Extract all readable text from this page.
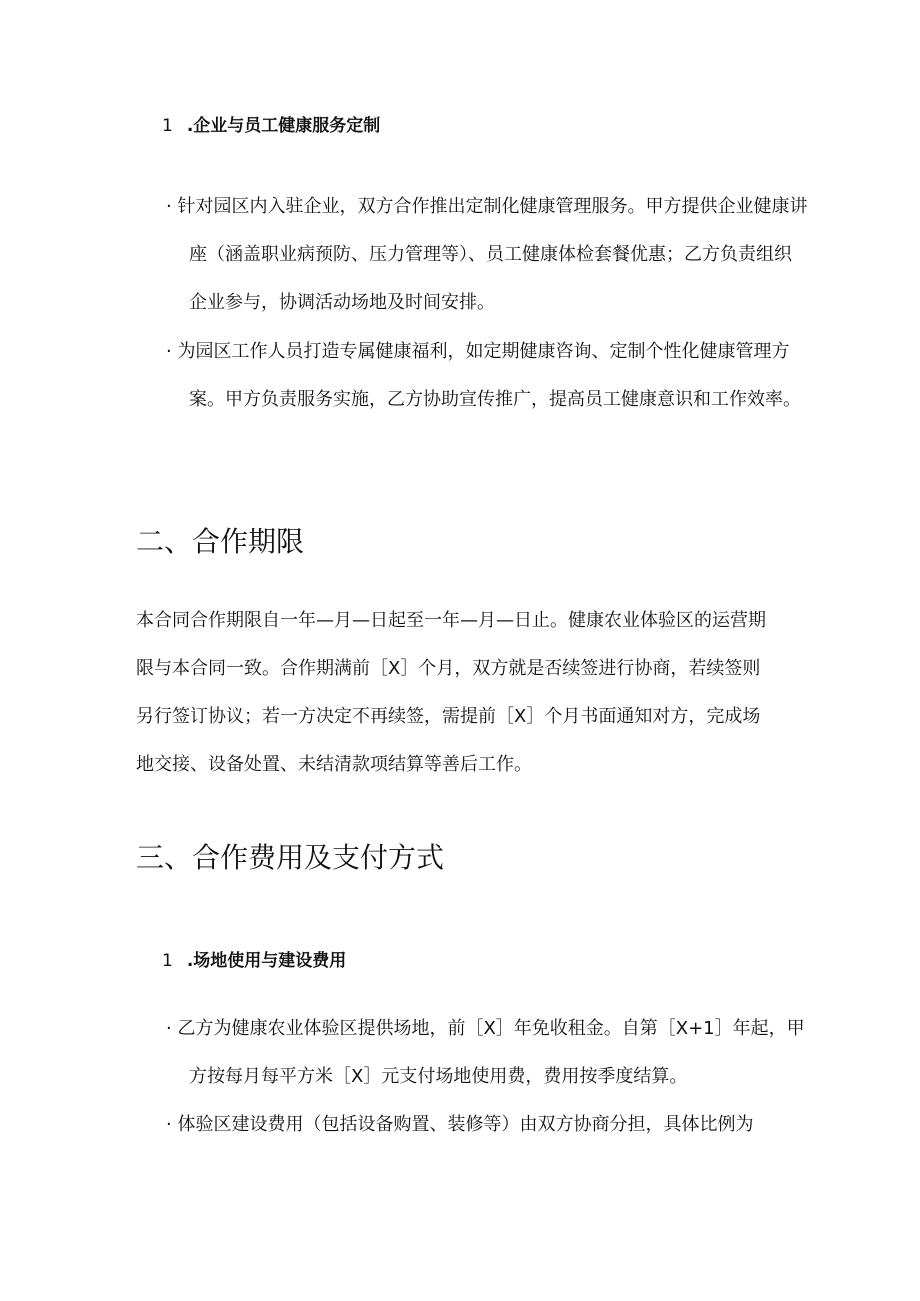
1 .企业与员工健康服务定制
· 针对园区内入驻企业，双方合作推出定制化健康管理服务。甲方提供企业健康讲座（涵盖职业病预防、压力管理等）、员工健康体检套餐优惠；乙方负责组织企业参与，协调活动场地及时间安排。
· 为园区工作人员打造专属健康福利，如定期健康咨询、定制个性化健康管理方案。甲方负责服务实施，乙方协助宣传推广，提高员工健康意识和工作效率。
二、合作期限
本合同合作期限自一年—月—日起至一年—月—日止。健康农业体验区的运营期限与本合同一致。合作期满前［X］个月，双方就是否续签进行协商，若续签则另行签订协议；若一方决定不再续签，需提前［X］个月书面通知对方，完成场地交接、设备处置、未结清款项结算等善后工作。
三、合作费用及支付方式
1 .场地使用与建设费用
· 乙方为健康农业体验区提供场地，前［X］年免收租金。自第［X+1］年起，甲方按每月每平方米［X］元支付场地使用费，费用按季度结算。
· 体验区建设费用（包括设备购置、装修等）由双方协商分担，具体比例为
